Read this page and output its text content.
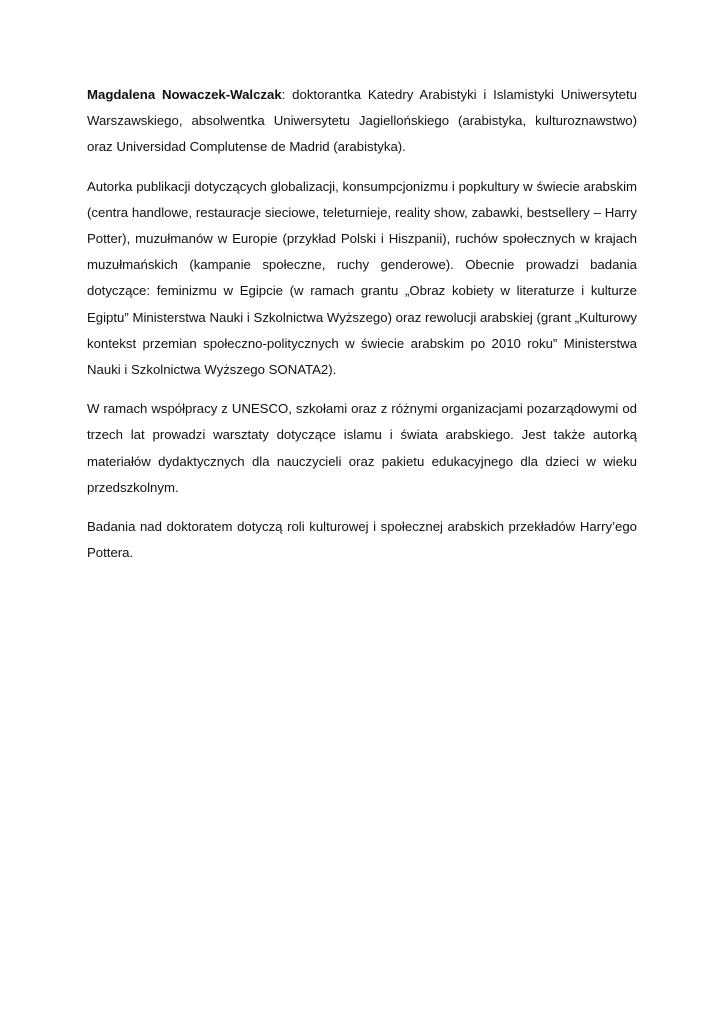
Magdalena Nowaczek-Walczak: doktorantka Katedry Arabistyki i Islamistyki Uniwersytetu Warszawskiego, absolwentka Uniwersytetu Jagiellońskiego (arabistyka, kulturoznawstwo) oraz Universidad Complutense de Madrid (arabistyka).

Autorka publikacji dotyczących globalizacji, konsumpcjonizmu i popkultury w świecie arabskim (centra handlowe, restauracje sieciowe, teleturnieje, reality show, zabawki, bestsellery – Harry Potter), muzułmanów w Europie (przykład Polski i Hiszpanii), ruchów społecznych w krajach muzułmańskich (kampanie społeczne, ruchy genderowe). Obecnie prowadzi badania dotyczące: feminizmu w Egipcie (w ramach grantu „Obraz kobiety w literaturze i kulturze Egiptu” Ministerstwa Nauki i Szkolnictwa Wyższego) oraz rewolucji arabskiej (grant „Kulturowy kontekst przemian społeczno-politycznych w świecie arabskim po 2010 roku” Ministerstwa Nauki i Szkolnictwa Wyższego SONATA2).

W ramach współpracy z UNESCO, szkołami oraz z różnymi organizacjami pozarządowymi od trzech lat prowadzi warsztaty dotyczące islamu i świata arabskiego. Jest także autorką materiałów dydaktycznych dla nauczycieli oraz pakietu edukacyjnego dla dzieci w wieku przedszkolnym.

Badania nad doktoratem dotyczą roli kulturowej i społecznej arabskich przekładów Harry’ego Pottera.
